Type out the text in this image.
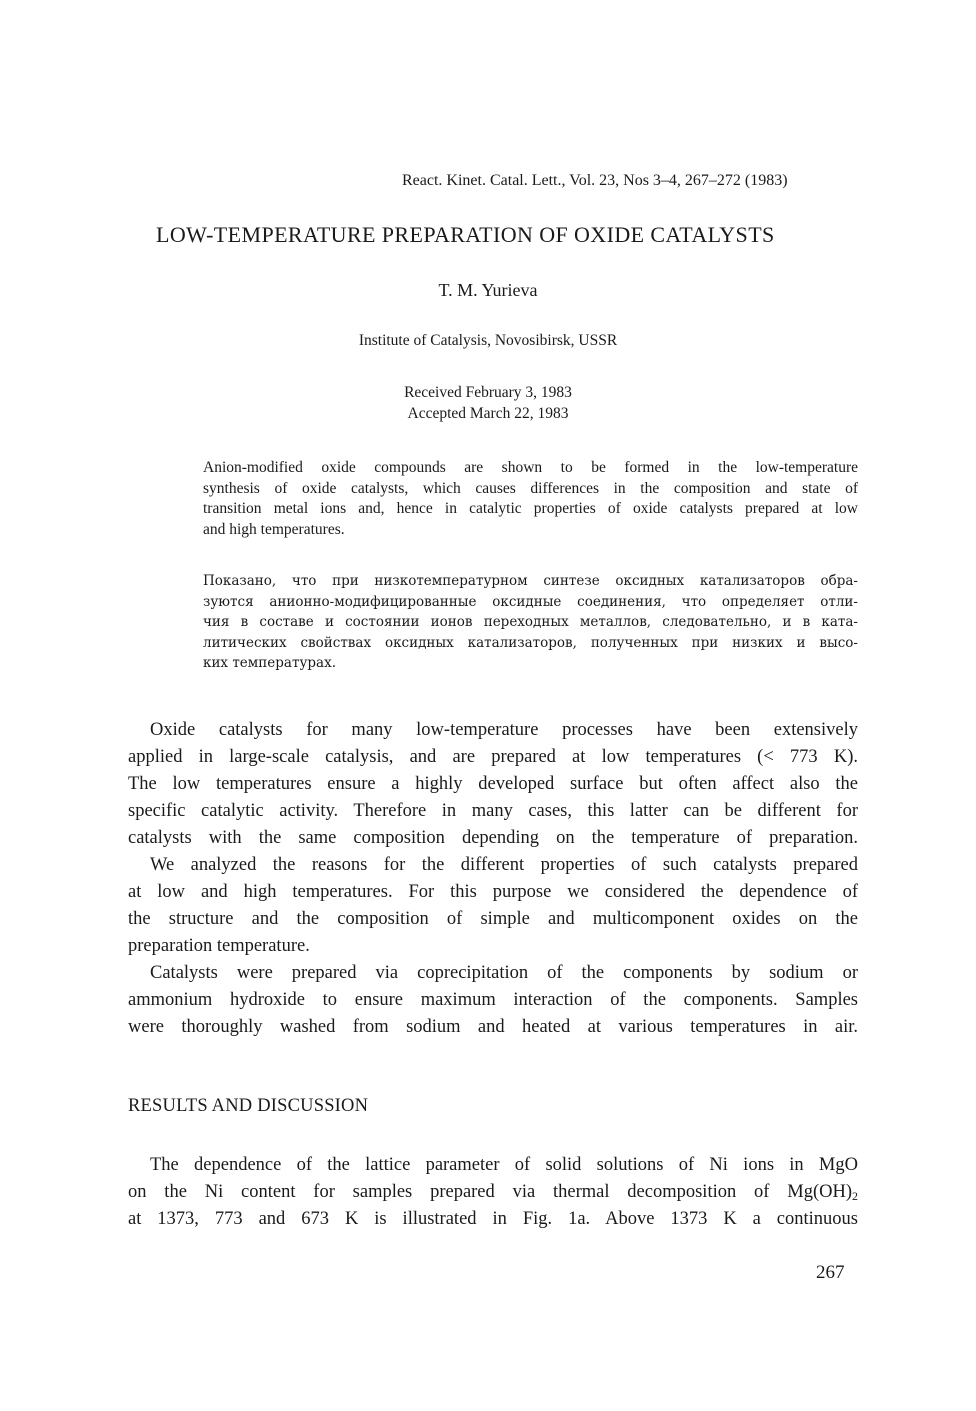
React. Kinet. Catal. Lett., Vol. 23, Nos 3–4, 267–272 (1983)
LOW-TEMPERATURE PREPARATION OF OXIDE CATALYSTS
T. M. Yurieva
Institute of Catalysis, Novosibirsk, USSR
Received February 3, 1983
Accepted March 22, 1983
Anion-modified oxide compounds are shown to be formed in the low-temperature
synthesis of oxide catalysts, which causes differences in the composition and state of
transition metal ions and, hence in catalytic properties of oxide catalysts prepared at low
and high temperatures.
Показано, что при низкотемпературном синтезе оксидных катализаторов обра-
зуются анионно-модифицированные оксидные соединения, что определяет отли-
чия в составе и состоянии ионов переходных металлов, следовательно, и в ката-
литических свойствах оксидных катализаторов, полученных при низких и высо-
ких температурах.
Oxide catalysts for many low-temperature processes have been extensively
applied in large-scale catalysis, and are prepared at low temperatures (< 773 K).
The low temperatures ensure a highly developed surface but often affect also the
specific catalytic activity. Therefore in many cases, this latter can be different for
catalysts with the same composition depending on the temperature of preparation.
We analyzed the reasons for the different properties of such catalysts prepared
at low and high temperatures. For this purpose we considered the dependence of
the structure and the composition of simple and multicomponent oxides on the
preparation temperature.
Catalysts were prepared via coprecipitation of the components by sodium or
ammonium hydroxide to ensure maximum interaction of the components. Samples
were thoroughly washed from sodium and heated at various temperatures in air.
RESULTS AND DISCUSSION
The dependence of the lattice parameter of solid solutions of Ni ions in MgO
on the Ni content for samples prepared via thermal decomposition of $Mg(OH)_2$
at 1373, 773 and 673 K is illustrated in Fig. 1a. Above 1373 K a continuous
267
